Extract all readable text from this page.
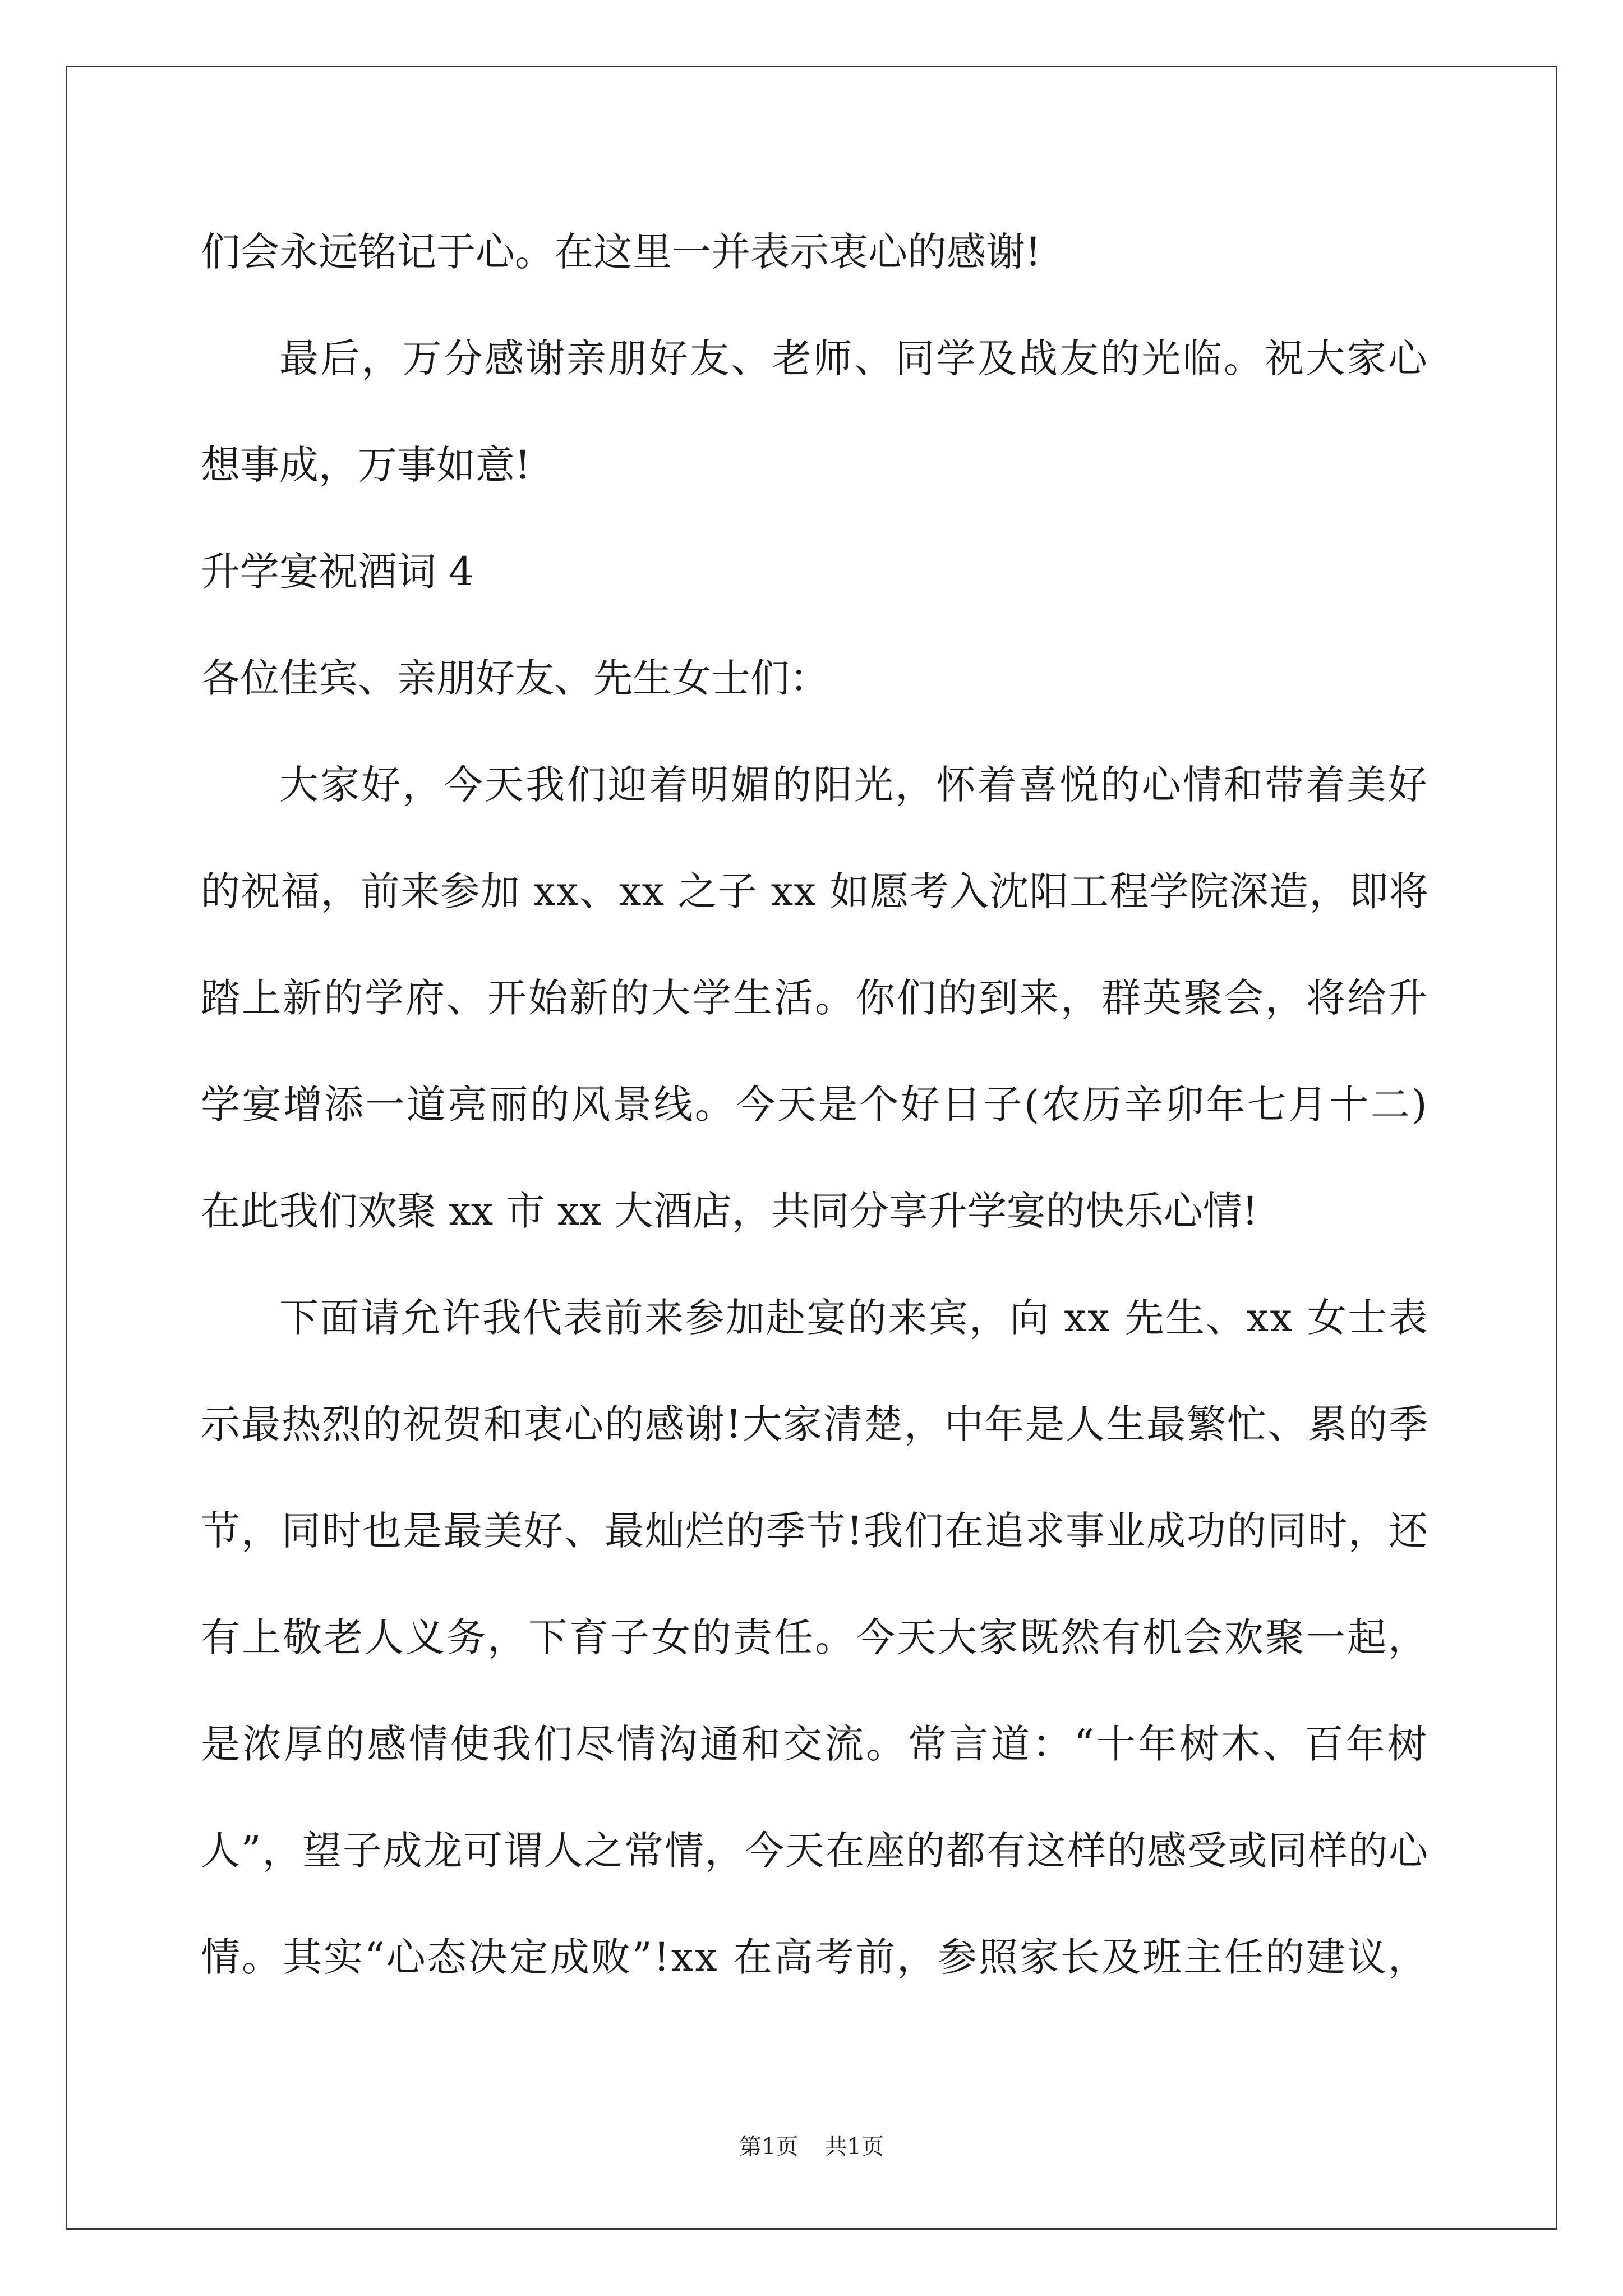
们会永远铭记于心。在这里一并表示衷心的感谢!
最后，万分感谢亲朋好友、老师、同学及战友的光临。祝大家心
想事成，万事如意!
升学宴祝酒词 4
各位佳宾、亲朋好友、先生女士们：
大家好，今天我们迎着明媚的阳光，怀着喜悦的心情和带着美好
的祝福，前来参加 xx、xx 之子 xx 如愿考入沈阳工程学院深造，即将
踏上新的学府、开始新的大学生活。你们的到来，群英聚会，将给升
学宴增添一道亮丽的风景线。今天是个好日子(农历辛卯年七月十二)
在此我们欢聚 xx 市 xx 大酒店，共同分享升学宴的快乐心情!
下面请允许我代表前来参加赴宴的来宾，向 xx 先生、xx 女士表
示最热烈的祝贺和衷心的感谢!大家清楚，中年是人生最繁忙、累的季
节，同时也是最美好、最灿烂的季节!我们在追求事业成功的同时，还
有上敬老人义务，下育子女的责任。今天大家既然有机会欢聚一起，
是浓厚的感情使我们尽情沟通和交流。常言道：“十年树木、百年树
人”，望子成龙可谓人之常情，今天在座的都有这样的感受或同样的心
情。其实“心态决定成败”!xx 在高考前，参照家长及班主任的建议，
第1页 共1页
